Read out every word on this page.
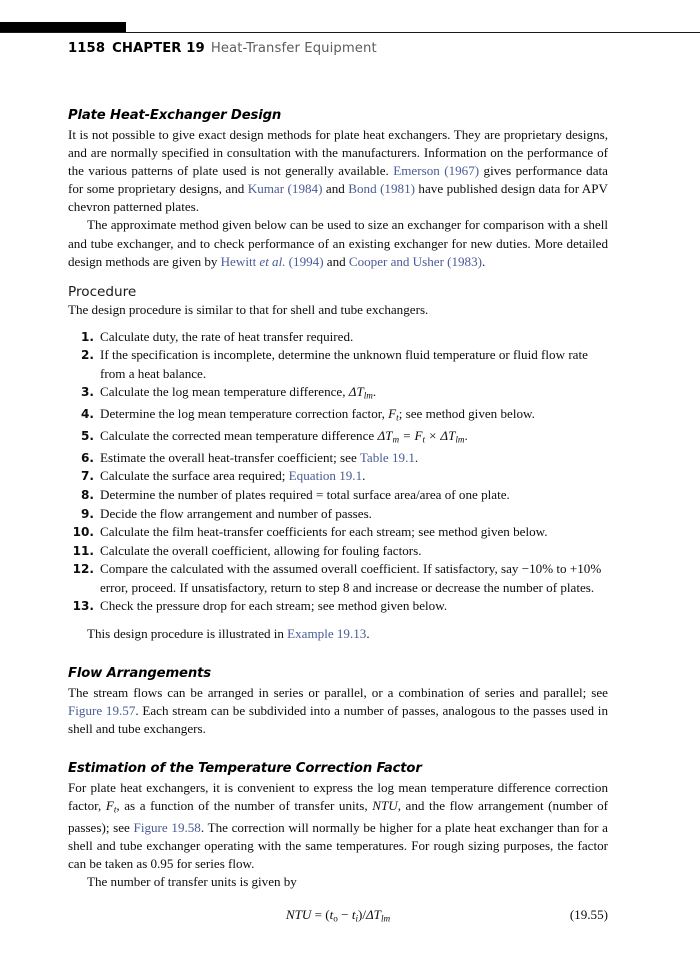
1158 CHAPTER 19 Heat-Transfer Equipment
Plate Heat-Exchanger Design

It is not possible to give exact design methods for plate heat exchangers. They are proprietary designs, and are normally specified in consultation with the manufacturers. Information on the performance of the various patterns of plate used is not generally available. Emerson (1967) gives performance data for some proprietary designs, and Kumar (1984) and Bond (1981) have published design data for APV chevron patterned plates.

The approximate method given below can be used to size an exchanger for comparison with a shell and tube exchanger, and to check performance of an existing exchanger for new duties. More detailed design methods are given by Hewitt et al. (1994) and Cooper and Usher (1983).

Procedure

The design procedure is similar to that for shell and tube exchangers.

1. Calculate duty, the rate of heat transfer required.
2. If the specification is incomplete, determine the unknown fluid temperature or fluid flow rate from a heat balance.
3. Calculate the log mean temperature difference, $\Delta T_{lm}$.
4. Determine the log mean temperature correction factor, $F_t$; see method given below.
5. Calculate the corrected mean temperature difference $\Delta T_m = F_t \times \Delta T_{lm}$.
6. Estimate the overall heat-transfer coefficient; see Table 19.1.
7. Calculate the surface area required; Equation 19.1.
8. Determine the number of plates required = total surface area/area of one plate.
9. Decide the flow arrangement and number of passes.
10. Calculate the film heat-transfer coefficients for each stream; see method given below.
11. Calculate the overall coefficient, allowing for fouling factors.
12. Compare the calculated with the assumed overall coefficient. If satisfactory, say −10% to +10% error, proceed. If unsatisfactory, return to step 8 and increase or decrease the number of plates.
13. Check the pressure drop for each stream; see method given below.

This design procedure is illustrated in Example 19.13.

Flow Arrangements

The stream flows can be arranged in series or parallel, or a combination of series and parallel; see Figure 19.57. Each stream can be subdivided into a number of passes, analogous to the passes used in shell and tube exchangers.

Estimation of the Temperature Correction Factor

For plate heat exchangers, it is convenient to express the log mean temperature difference correction factor, $F_t$, as a function of the number of transfer units, NTU, and the flow arrangement (number of passes); see Figure 19.58. The correction will normally be higher for a plate heat exchanger than for a shell and tube exchanger operating with the same temperatures. For rough sizing purposes, the factor can be taken as 0.95 for series flow.

The number of transfer units is given by

NTU = $(t_o - t_i)/\Delta T_{lm}$	(19.55)
